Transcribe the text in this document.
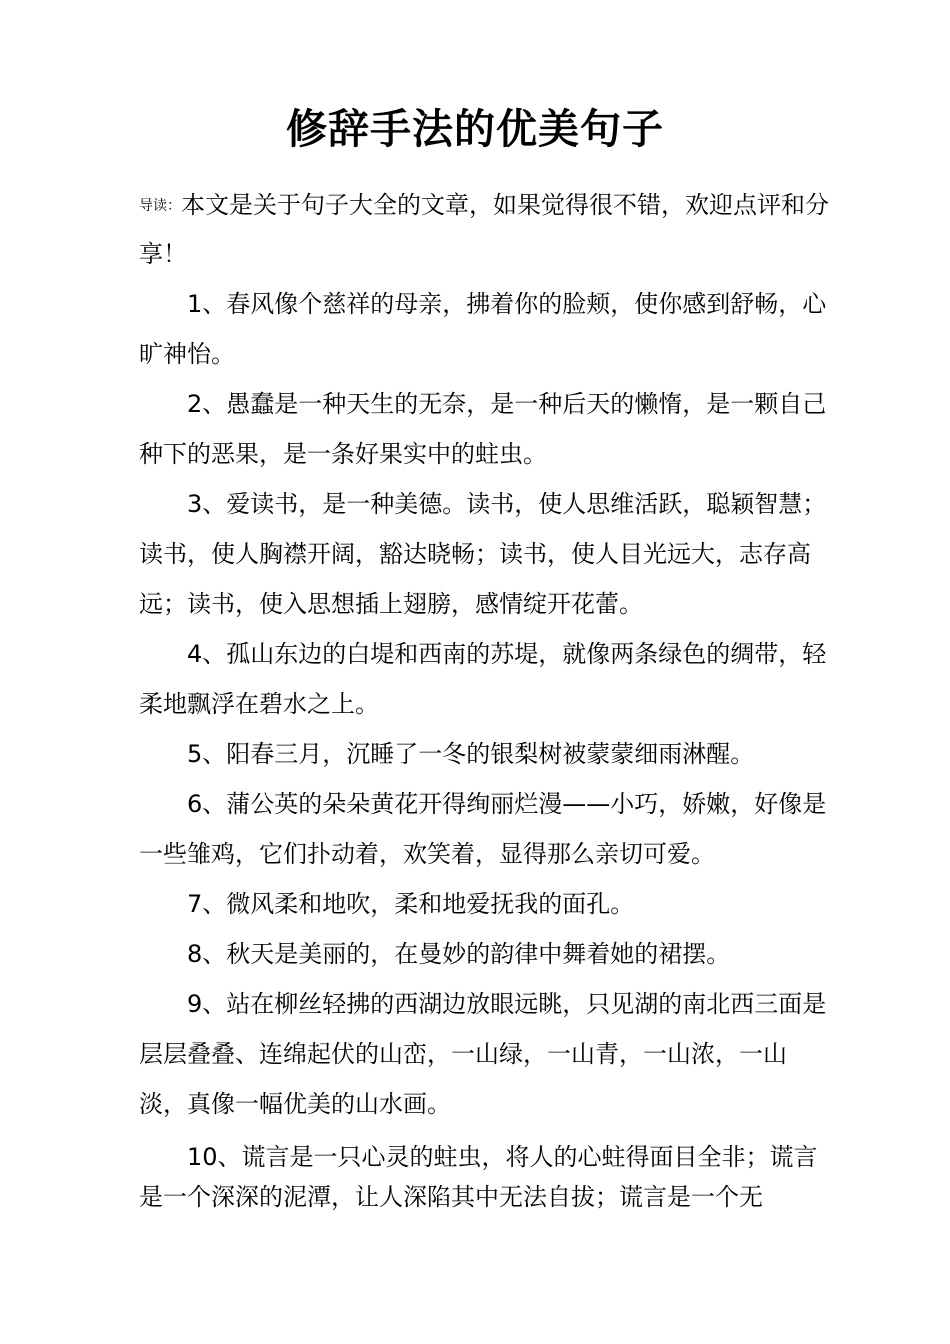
修辞手法的优美句子
导读：本文是关于句子大全的文章，如果觉得很不错，欢迎点评和分享！

1、春风像个慈祥的母亲，拂着你的脸颊，使你感到舒畅，心旷神怡。

2、愚蠢是一种天生的无奈，是一种后天的懒惰，是一颗自己种下的恶果，是一条好果实中的蛀虫。

3、爱读书，是一种美德。读书，使人思维活跃，聪颖智慧；读书，使人胸襟开阔，豁达晓畅；读书，使人目光远大，志存高远；读书，使入思想插上翅膀，感情绽开花蕾。

4、孤山东边的白堤和西南的苏堤，就像两条绿色的绸带，轻柔地飘浮在碧水之上。

5、阳春三月，沉睡了一冬的银梨树被蒙蒙细雨淋醒。

6、蒲公英的朵朵黄花开得绚丽烂漫——小巧，娇嫩，好像是一些雏鸡，它们扑动着，欢笑着，显得那么亲切可爱。

7、微风柔和地吹，柔和地爱抚我的面孔。

8、秋天是美丽的，在曼妙的韵律中舞着她的裙摆。

9、站在柳丝轻拂的西湖边放眼远眺，只见湖的南北西三面是层层叠叠、连绵起伏的山峦，一山绿，一山青，一山浓，一山淡，真像一幅优美的山水画。

10、谎言是一只心灵的蛀虫，将人的心蛀得面目全非；谎言是一个深深的泥潭，让人深陷其中无法自拔；谎言是一个无
